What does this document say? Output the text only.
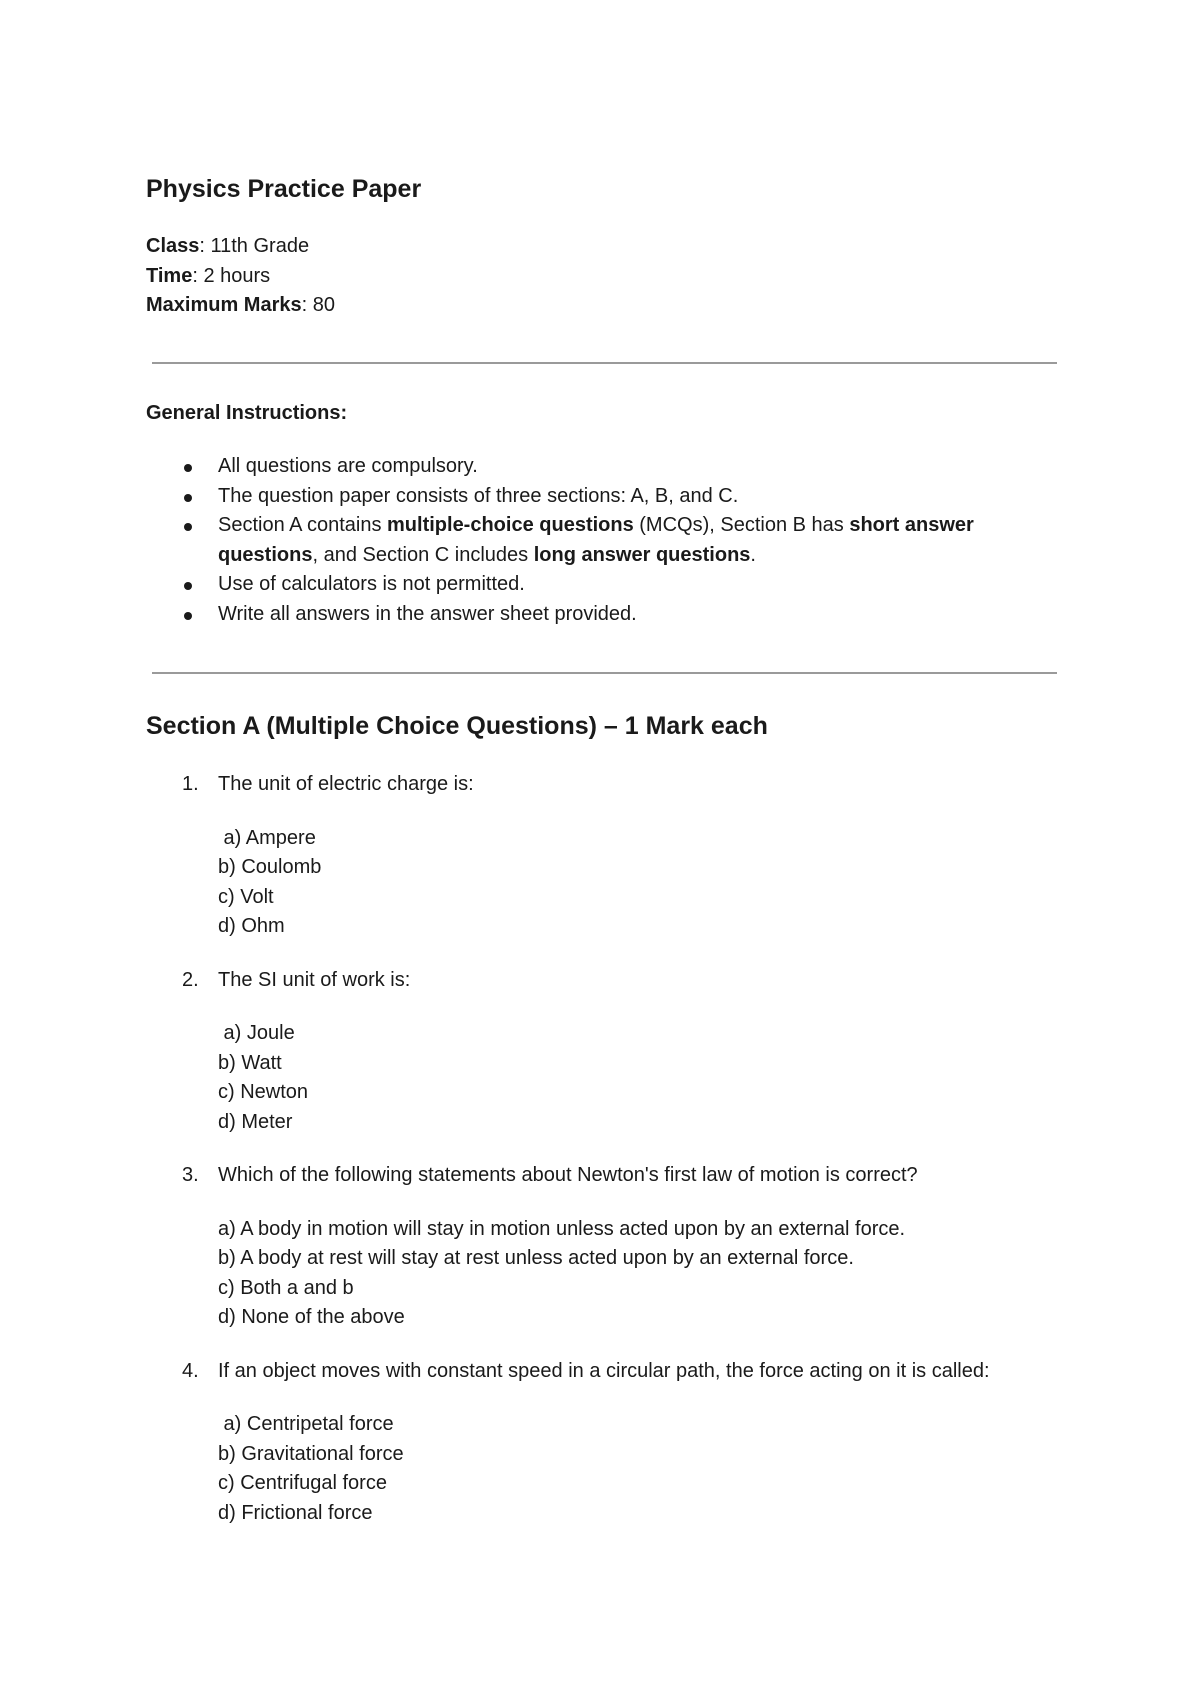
Physics Practice Paper
Class: 11th Grade
Time: 2 hours
Maximum Marks: 80
General Instructions:
All questions are compulsory.
The question paper consists of three sections: A, B, and C.
Section A contains multiple-choice questions (MCQs), Section B has short answer questions, and Section C includes long answer questions.
Use of calculators is not permitted.
Write all answers in the answer sheet provided.
Section A (Multiple Choice Questions) – 1 Mark each
1. The unit of electric charge is:

a) Ampere
b) Coulomb
c) Volt
d) Ohm
2. The SI unit of work is:

a) Joule
b) Watt
c) Newton
d) Meter
3. Which of the following statements about Newton's first law of motion is correct?

a) A body in motion will stay in motion unless acted upon by an external force.
b) A body at rest will stay at rest unless acted upon by an external force.
c) Both a and b
d) None of the above
4. If an object moves with constant speed in a circular path, the force acting on it is called:

a) Centripetal force
b) Gravitational force
c) Centrifugal force
d) Frictional force
